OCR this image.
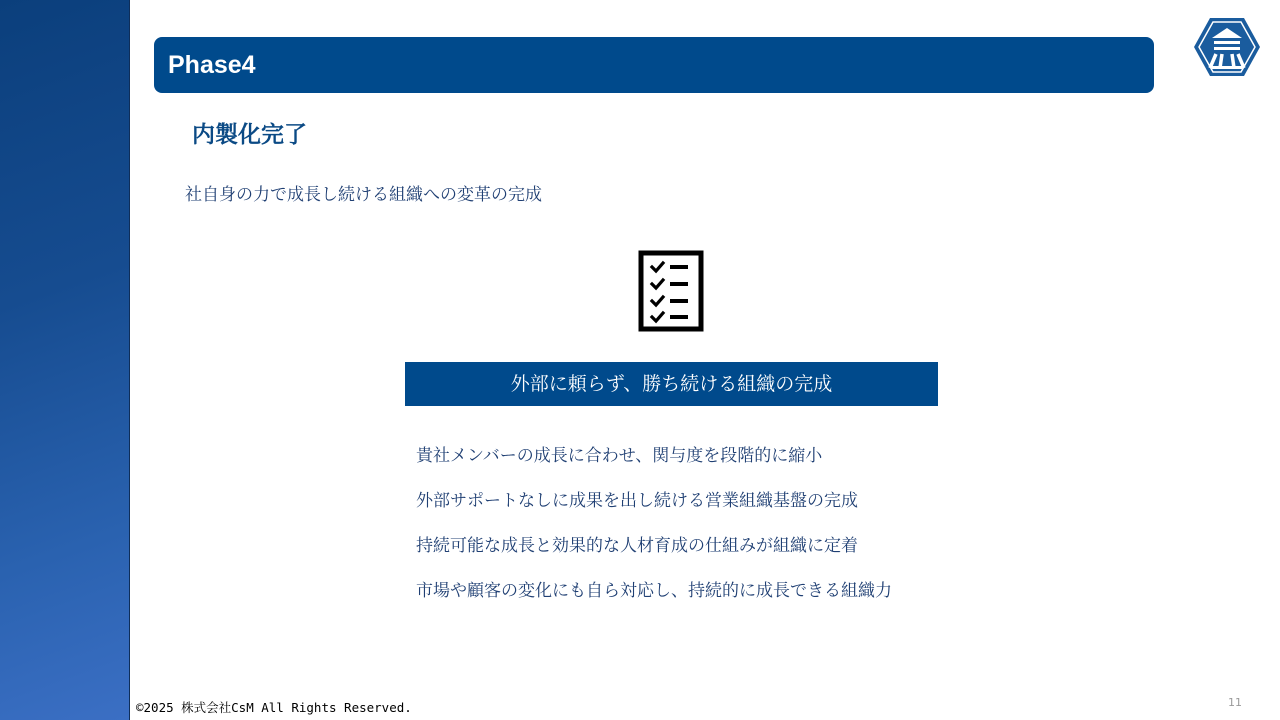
Phase4
内製化完了
社自身の力で成長し続ける組織への変革の完成
外部に頼らず、勝ち続ける組織の完成
貴社メンバーの成長に合わせ、関与度を段階的に縮小
外部サポートなしに成果を出し続ける営業組織基盤の完成
持続可能な成長と効果的な人材育成の仕組みが組織に定着
市場や顧客の変化にも自ら対応し、持続的に成長できる組織力
©2025 株式会社CsM All Rights Reserved.	11
